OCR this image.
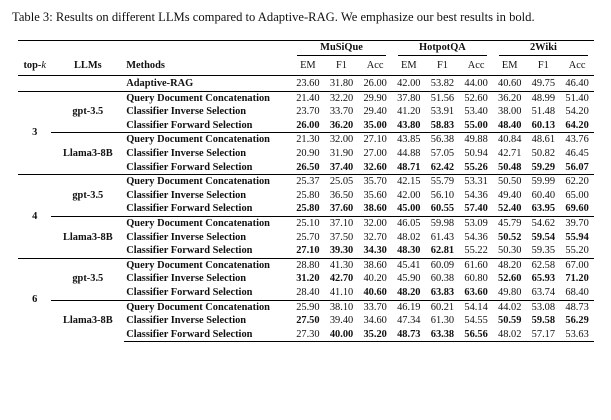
Table 3: Results on different LLMs compared to Adaptive-RAG. We emphasize our best results in bold.
			MuSiQue			HotpotQA			2Wiki		
top-k	LLMs	Methods	EM	F1	Acc	EM	F1	Acc	EM	F1	Acc
		Adaptive-RAG	23.60	31.80	26.00	42.00	53.82	44.00	40.60	49.75	46.40
3	gpt-3.5	Query Document Concatenation	21.40	32.20	29.90	37.80	51.56	52.60	36.20	48.99	51.40
		Classifier Inverse Selection	23.70	33.70	29.40	41.20	53.91	53.40	38.00	51.48	54.20
		Classifier Forward Selection	26.00	36.20	35.00	43.80	58.83	55.00	48.40	60.13	64.20
	Llama3-8B	Query Document Concatenation	21.30	32.00	27.10	43.85	56.38	49.88	40.84	48.61	43.76
		Classifier Inverse Selection	20.90	31.90	27.00	44.88	57.05	50.94	42.71	50.82	46.45
		Classifier Forward Selection	26.50	37.40	32.60	48.71	62.42	55.26	50.48	59.29	56.07
4	gpt-3.5	Query Document Concatenation	25.37	25.05	35.70	42.15	55.79	53.31	50.50	59.99	62.20
		Classifier Inverse Selection	25.80	36.50	35.60	42.00	56.10	54.36	49.40	60.40	65.00
		Classifier Forward Selection	25.80	37.60	38.60	45.00	60.55	57.40	52.40	63.95	69.60
	Llama3-8B	Query Document Concatenation	25.10	37.10	32.00	46.05	59.98	53.09	45.79	54.62	39.70
		Classifier Inverse Selection	25.70	37.50	32.70	48.02	61.43	54.36	50.52	59.54	55.94
		Classifier Forward Selection	27.10	39.30	34.30	48.30	62.81	55.22	50.30	59.35	55.20
6	gpt-3.5	Query Document Concatenation	28.80	41.30	38.60	45.41	60.09	61.60	48.20	62.58	67.00
		Classifier Inverse Selection	31.20	42.70	40.20	45.90	60.38	60.80	52.60	65.93	71.20
		Classifier Forward Selection	28.40	41.10	40.60	48.20	63.83	63.60	49.80	63.74	68.40
	Llama3-8B	Query Document Concatenation	25.90	38.10	33.70	46.19	60.21	54.14	44.02	53.08	48.73
		Classifier Inverse Selection	27.50	39.40	34.60	47.34	61.30	54.55	50.59	59.58	56.29
		Classifier Forward Selection	27.30	40.00	35.20	48.73	63.38	56.56	48.02	57.17	53.63
